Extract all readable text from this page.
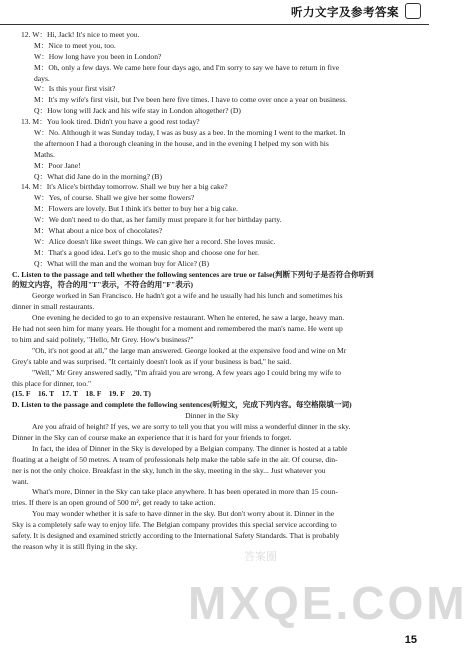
听力文字及参考答案
12. W：Hi, Jack! It's nice to meet you.
M：Nice to meet you, too.
W：How long have you been in London?
M：Oh, only a few days. We came here four days ago, and I'm sorry to say we have to return in five
days.
W：Is this your first visit?
M：It's my wife's first visit, but I've been here five times. I have to come over once a year on business.
Q：How long will Jack and his wife stay in London altogether? (D)
13. M：You look tired. Didn't you have a good rest today?
W：No. Although it was Sunday today, I was as busy as a bee. In the morning I went to the market. In
the afternoon I had a thorough cleaning in the house, and in the evening I helped my son with his
Maths.
M：Poor Jane!
Q：What did Jane do in the morning? (B)
14. M：It's Alice's birthday tomorrow. Shall we buy her a big cake?
W：Yes, of course. Shall we give her some flowers?
M：Flowers are lovely. But I think it's better to buy her a big cake.
W：We don't need to do that, as her family must prepare it for her birthday party.
M：What about a nice box of chocolates?
W：Alice doesn't like sweet things. We can give her a record. She loves music.
M：That's a good idea. Let's go to the music shop and choose one for her.
Q：What will the man and the woman buy for Alice? (B)
C. Listen to the passage and tell whether the following sentences are true or false(判断下列句子是否符合你听到
的短文内容，符合的用"T"表示，不符合的用"F"表示)
George worked in San Francisco. He hadn't got a wife and he usually had his lunch and sometimes his
dinner in small restaurants.
One evening he decided to go to an expensive restaurant. When he entered, he saw a large, heavy man.
He had not seen him for many years. He thought for a moment and remembered the man's name. He went up
to him and said politely, "Hello, Mr Grey. How's business?"
"Oh, it's not good at all," the large man answered. George looked at the expensive food and wine on Mr
Grey's table and was surprised. "It certainly doesn't look as if your business is bad," he said.
"Well," Mr Grey answered sadly, "I'm afraid you are wrong. A few years ago I could bring my wife to
this place for dinner, too."
(15. F　16. T　17. T　18. F　19. F　20. T)
D. Listen to the passage and complete the following sentences(听短文，完成下列内容。每空格限填一词)
Dinner in the Sky
Are you afraid of height? If yes, we are sorry to tell you that you will miss a wonderful dinner in the sky.
Dinner in the Sky can of course make an experience that it is hard for your friends to forget.
In fact, the idea of Dinner in the Sky is developed by a Belgian company. The dinner is hosted at a table
floating at a height of 50 metres. A team of professionals help make the table safe in the air. Of course, din-
ner is not the only choice. Breakfast in the sky, lunch in the sky, meeting in the sky... Just whatever you
want.
What's more, Dinner in the Sky can take place anywhere. It has been operated in more than 15 coun-
tries. If there is an open ground of 500 m², get ready to take action.
You may wonder whether it is safe to have dinner in the sky. But don't worry about it. Dinner in the
Sky is a completely safe way to enjoy life. The Belgian company provides this special service according to
safety. It is designed and examined strictly according to the International Safety Standards. That is probably
the reason why it is still flying in the sky.
答案圈
MXQE.COM
15
